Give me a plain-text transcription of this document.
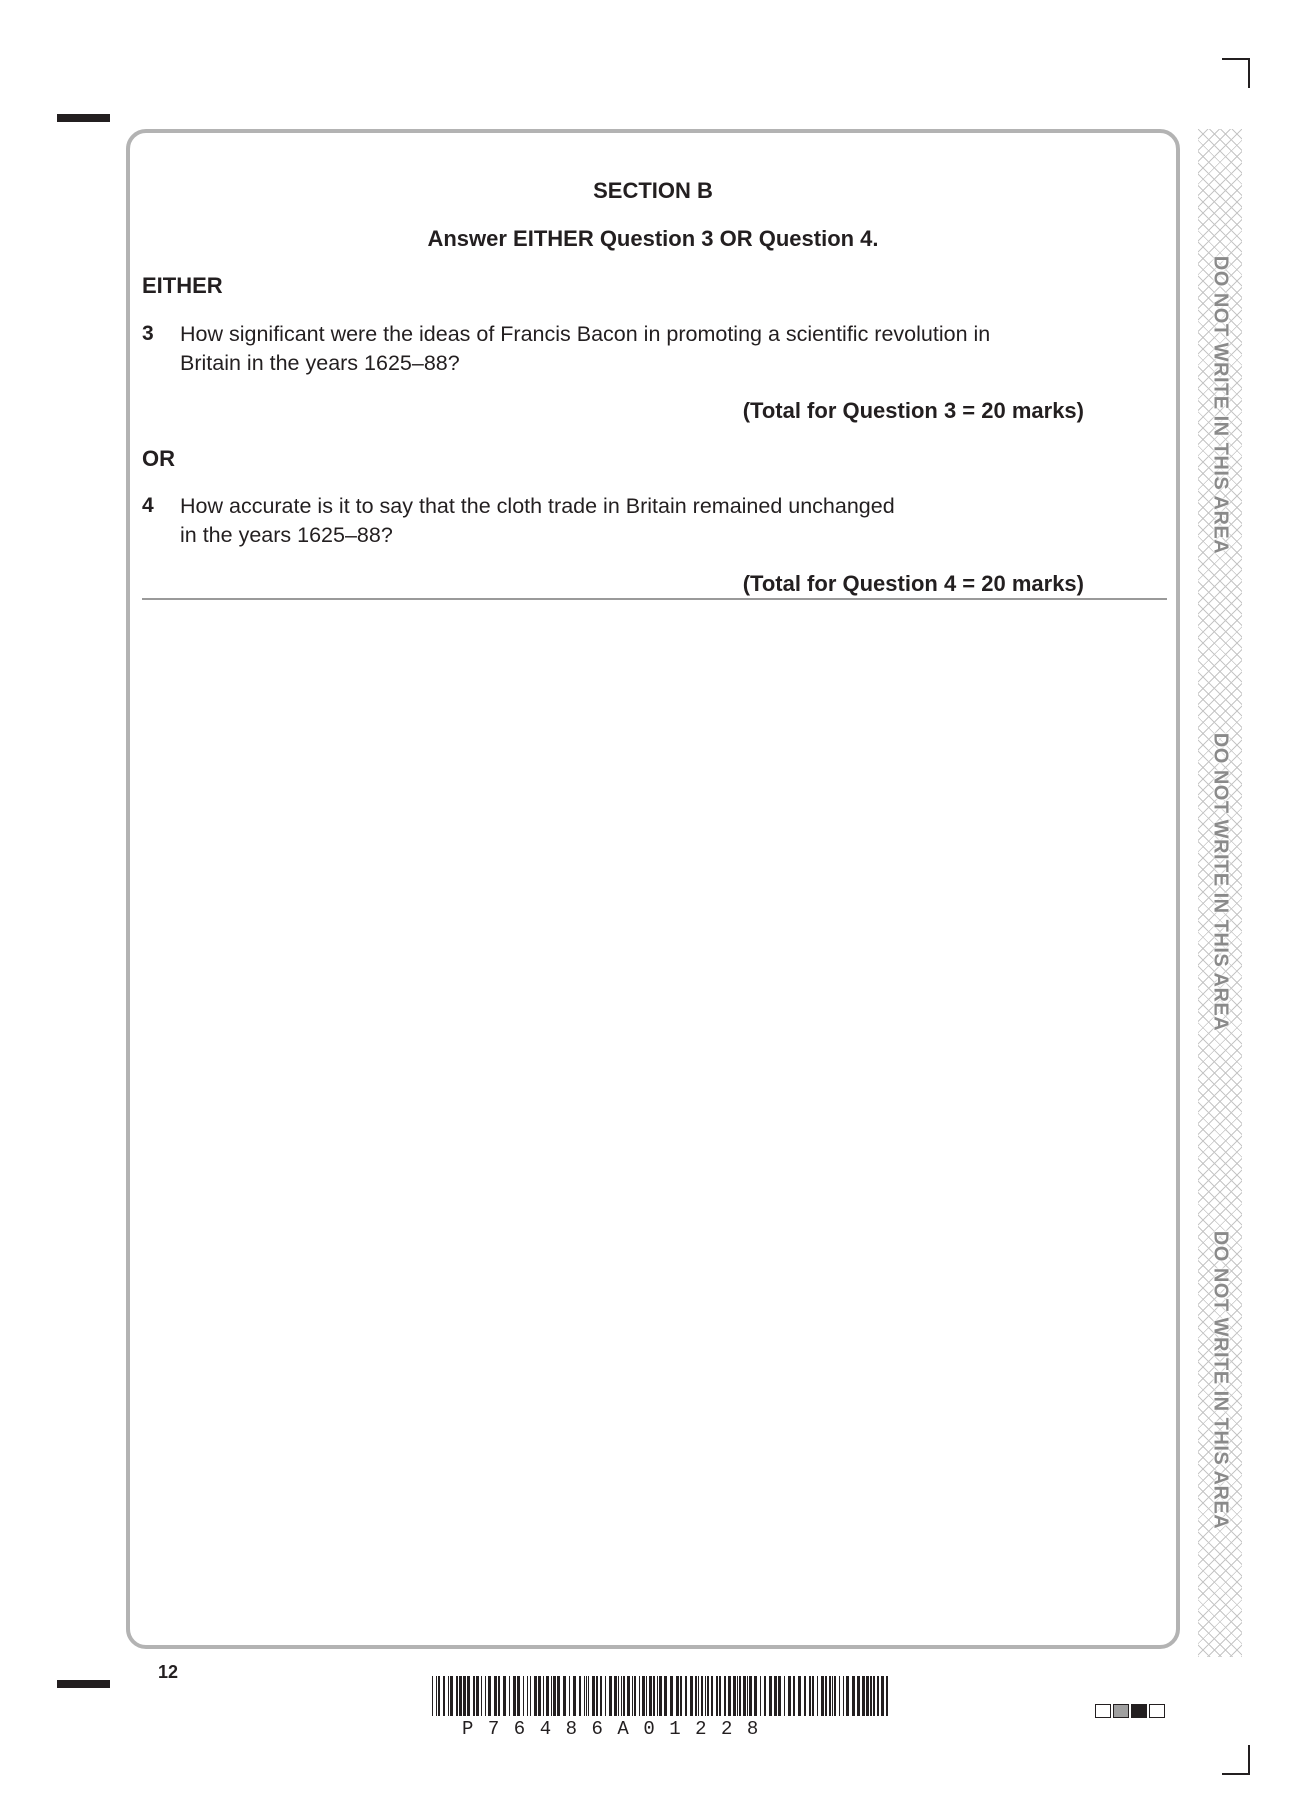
DO NOT WRITE IN THIS AREA
DO NOT WRITE IN THIS AREA
DO NOT WRITE IN THIS AREA
SECTION B
Answer EITHER Question 3 OR Question 4.
EITHER
3 How significant were the ideas of Francis Bacon in promoting a scientific revolution in
Britain in the years 1625–88?
(Total for Question 3 = 20 marks)
OR
4 How accurate is it to say that the cloth trade in Britain remained unchanged
in the years 1625–88?
(Total for Question 4 = 20 marks)
12
P76486A01228
